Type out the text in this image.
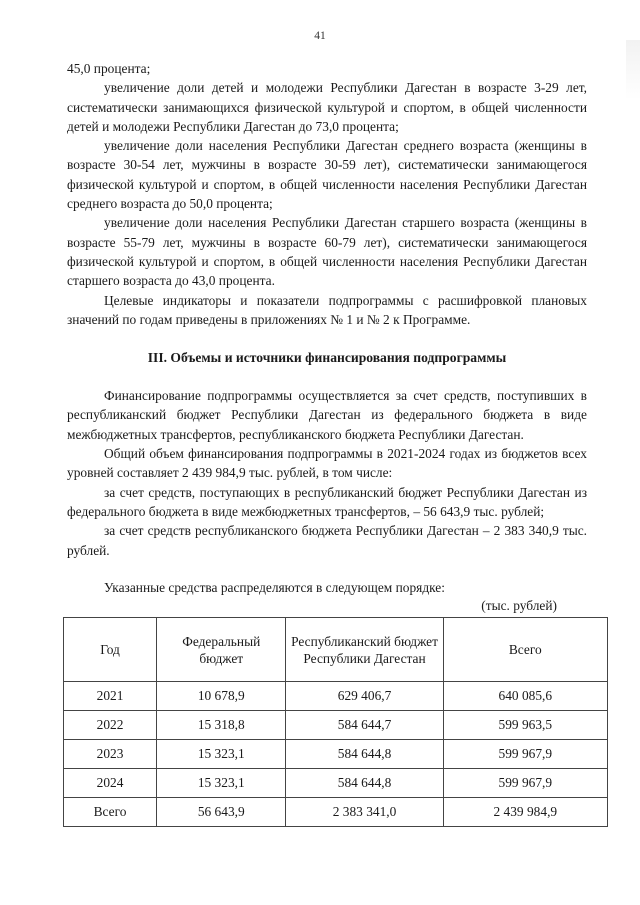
41

45,0 процента;

увеличение доли детей и молодежи Республики Дагестан в возрасте 3-29 лет, систематически занимающихся физической культурой и спортом, в общей численности детей и молодежи Республики Дагестан до 73,0 процента;

увеличение доли населения Республики Дагестан среднего возраста (женщины в возрасте 30-54 лет, мужчины в возрасте 30-59 лет), систематически занимающегося физической культурой и спортом, в общей численности населения Республики Дагестан среднего возраста до 50,0 процента;

увеличение доли населения Республики Дагестан старшего возраста (женщины в возрасте 55-79 лет, мужчины в возрасте 60-79 лет), систематически занимающегося физической культурой и спортом, в общей численности населения Республики Дагестан старшего возраста до 43,0 процента.

Целевые индикаторы и показатели подпрограммы с расшифровкой плановых значений по годам приведены в приложениях № 1 и № 2 к Программе.

III. Объемы и источники финансирования подпрограммы

Финансирование подпрограммы осуществляется за счет средств, поступивших в республиканский бюджет Республики Дагестан из федерального бюджета в виде межбюджетных трансфертов, республиканского бюджета Республики Дагестан.

Общий объем финансирования подпрограммы в 2021-2024 годах из бюджетов всех уровней составляет 2 439 984,9 тыс. рублей, в том числе:

за счет средств, поступающих в республиканский бюджет Республики Дагестан из федерального бюджета в виде межбюджетных трансфертов, – 56 643,9 тыс. рублей;

за счет средств республиканского бюджета Республики Дагестан – 2 383 340,9 тыс. рублей.

Указанные средства распределяются в следующем порядке:

(тыс. рублей)
Год	Федеральный бюджет	Республиканский бюджет Республики Дагестан	Всего
2021	10 678,9	629 406,7	640 085,6
2022	15 318,8	584 644,7	599 963,5
2023	15 323,1	584 644,8	599 967,9
2024	15 323,1	584 644,8	599 967,9
Всего	56 643,9	2 383 341,0	2 439 984,9
